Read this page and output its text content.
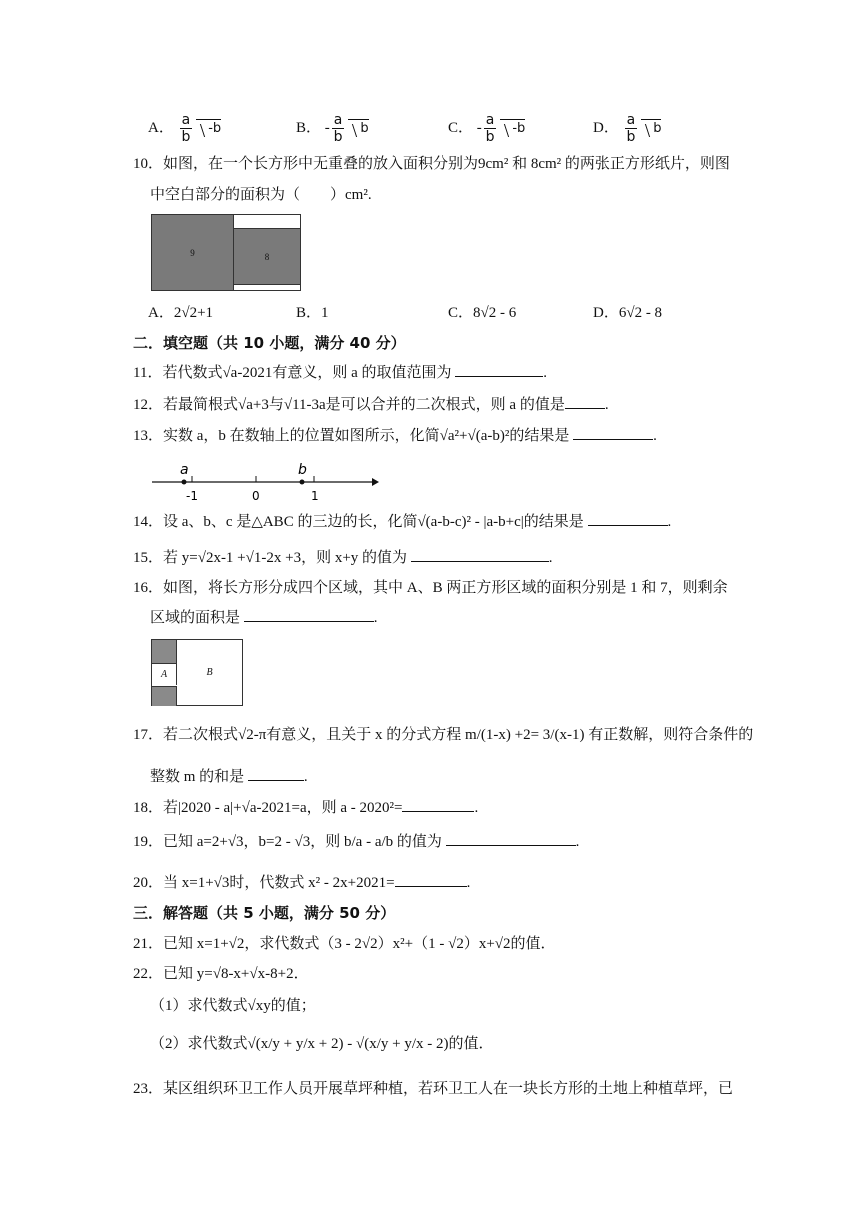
A． $\frac{a}{b} -b$	B． - $\frac{a}{b}$ b	C． - $\frac{a}{b} -b$	D． $\frac{a}{b}$ b
10．如图，在一个长方形中无重叠的放入面积分别为9cm² 和 8cm² 的两张正方形纸片，则图
中空白部分的面积为（　　）cm².
9	8
A．2√2+1	B．1	C．8√2 - 6	D．6√2 - 8
二．填空题（共 10 小题，满分 40 分）
11．若代数式√a-2021有意义，则 a 的取值范围为	.
12．若最简根式√a+3与√11-3a是可以合并的二次根式，则 a 的值是	.
13．实数 a，b 在数轴上的位置如图所示，化简√a²+√(a-b)²的结果是	.
a	b
-1	0	1
14．设 a、b、c 是△ABC 的三边的长，化简√(a-b-c)² - |a-b+c|的结果是	.
15．若 y=√2x-1 +√1-2x +3，则 x+y 的值为	.
16．如图，将长方形分成四个区域，其中 A、B 两正方形区域的面积分别是 1 和 7，则剩余
区域的面积是	.
A	B
17．若二次根式√2-π有意义，且关于 x 的分式方程 m/(1-x) +2= 3/(x-1) 有正数解，则符合条件的
整数 m 的和是	.
18．若|2020 - a|+√a-2021=a，则 a - 2020²=	.
19．已知 a=2+√3，b=2 - √3，则 b/a - a/b 的值为	.
20．当 x=1+√3时，代数式 x² - 2x+2021=	.
三．解答题（共 5 小题，满分 50 分）
21．已知 x=1+√2，求代数式（3 - 2√2）x²+（1 - √2）x+√2的值．
22．已知 y=√8-x+√x-8+2．
（1）求代数式√xy的值；
（2）求代数式√(x/y + y/x + 2) - √(x/y + y/x - 2)的值．
23．某区组织环卫工作人员开展草坪种植，若环卫工人在一块长方形的土地上种植草坪，已
